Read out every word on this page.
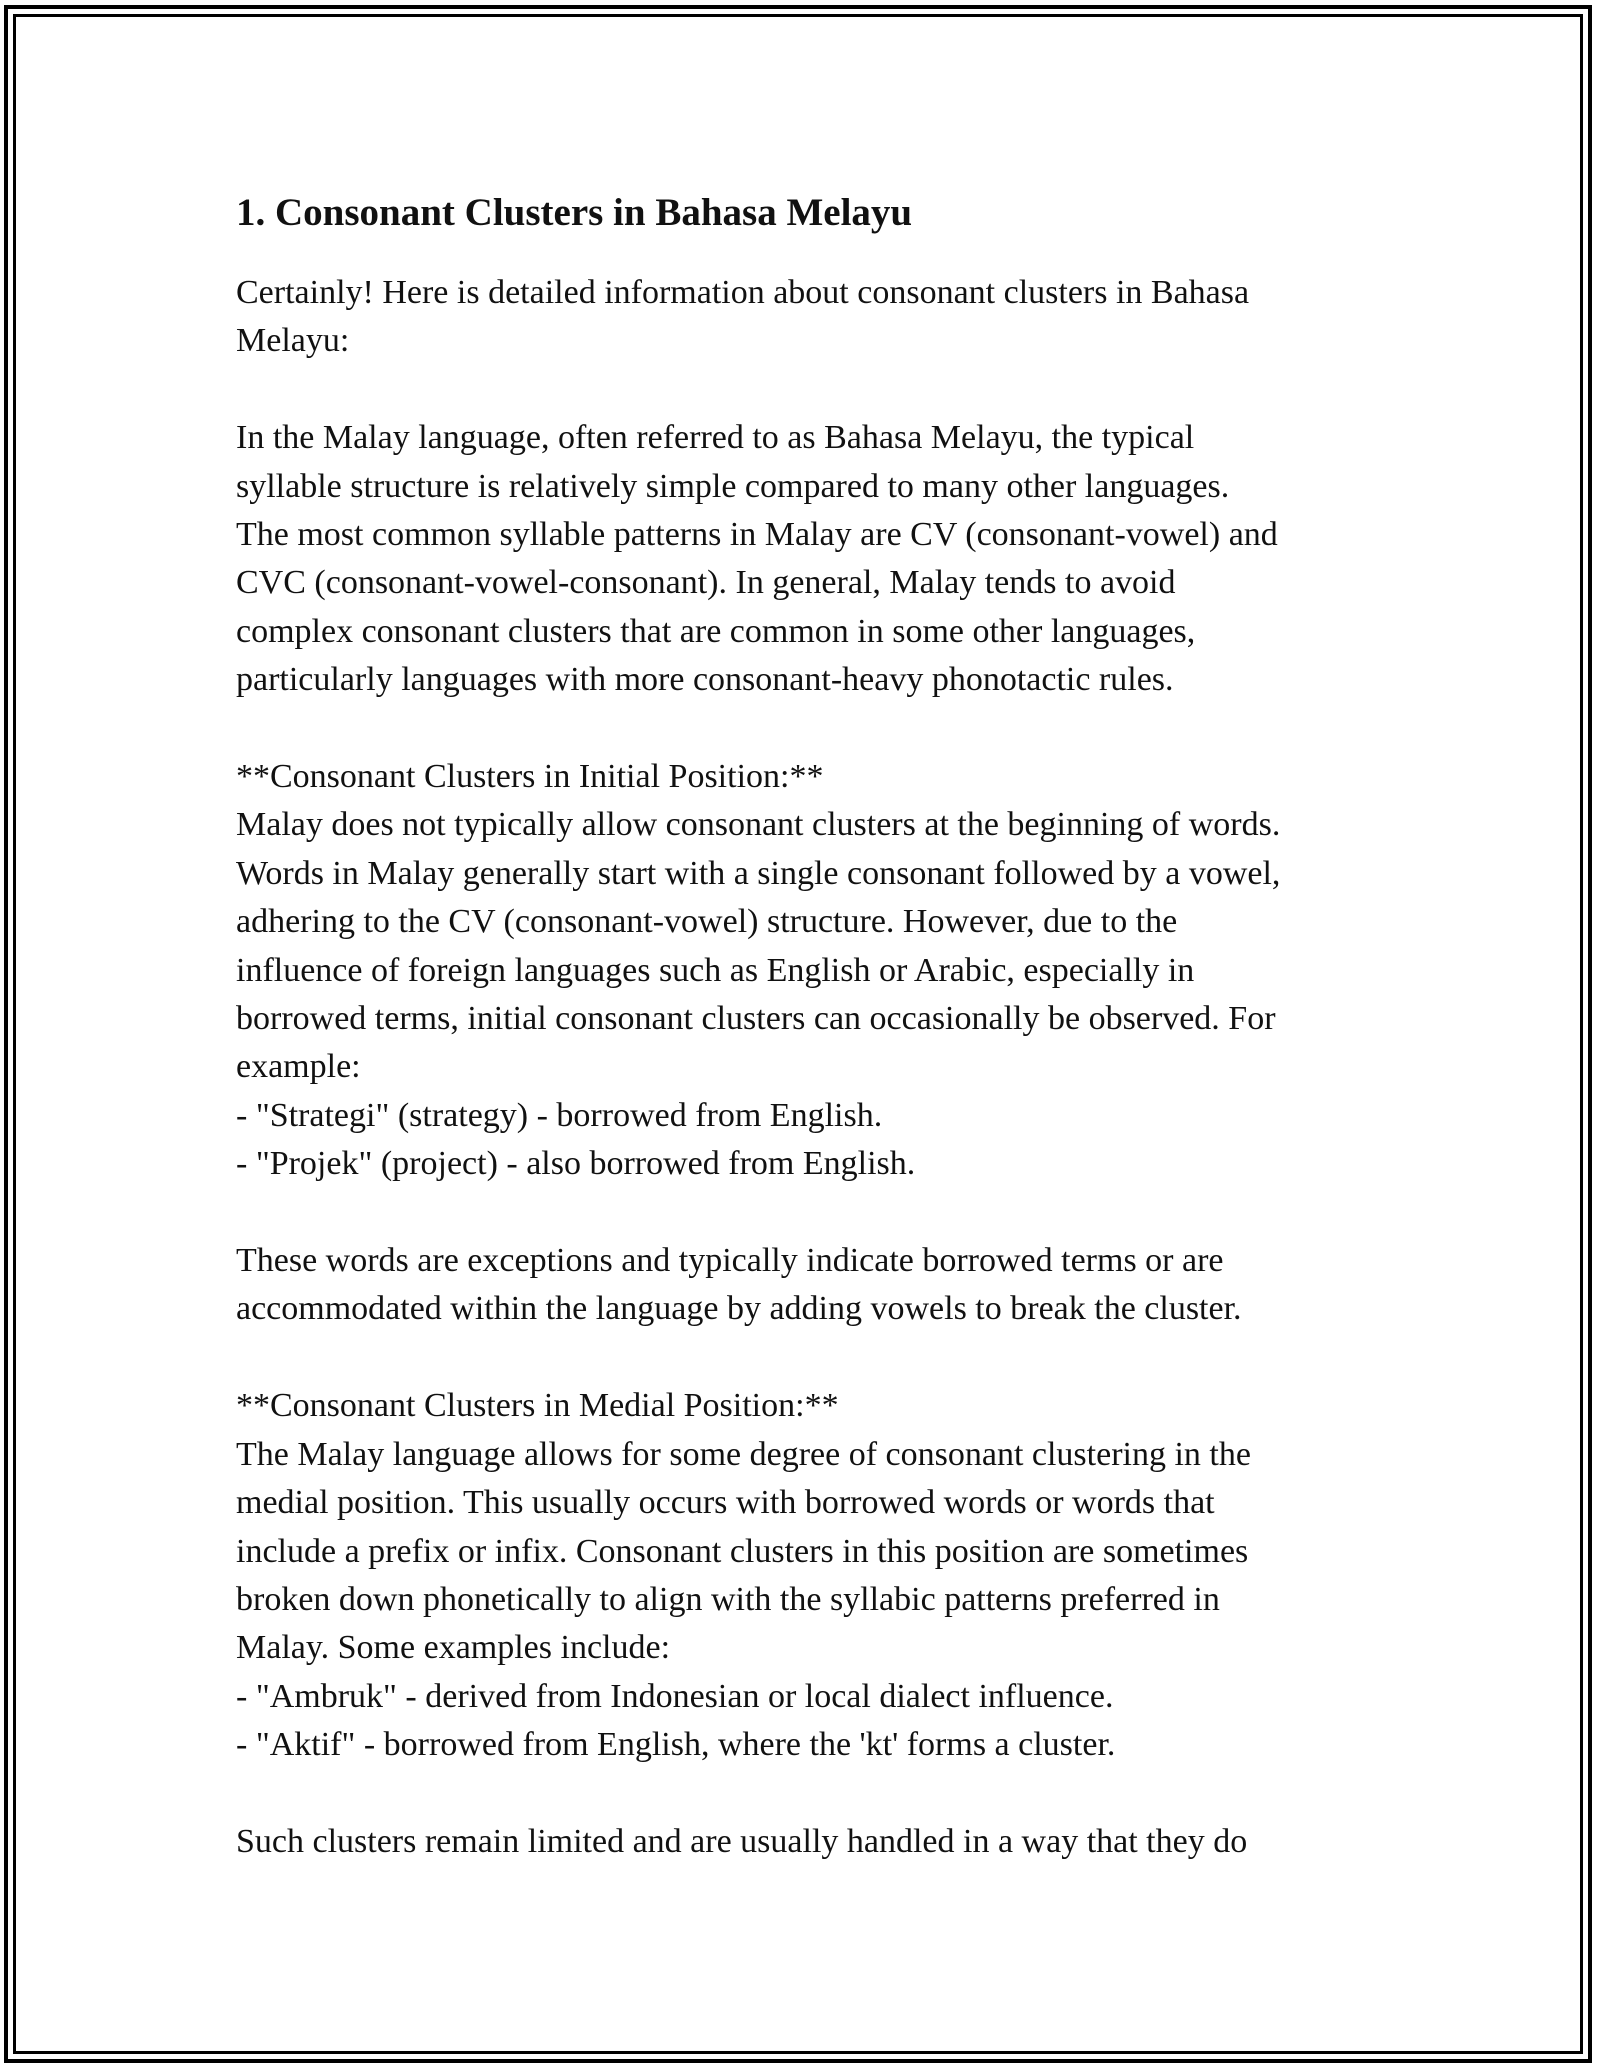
1. Consonant Clusters in Bahasa Melayu

Certainly! Here is detailed information about consonant clusters in Bahasa
Melayu:

In the Malay language, often referred to as Bahasa Melayu, the typical
syllable structure is relatively simple compared to many other languages.
The most common syllable patterns in Malay are CV (consonant-vowel) and
CVC (consonant-vowel-consonant). In general, Malay tends to avoid
complex consonant clusters that are common in some other languages,
particularly languages with more consonant-heavy phonotactic rules.

**Consonant Clusters in Initial Position:**
Malay does not typically allow consonant clusters at the beginning of words.
Words in Malay generally start with a single consonant followed by a vowel,
adhering to the CV (consonant-vowel) structure. However, due to the
influence of foreign languages such as English or Arabic, especially in
borrowed terms, initial consonant clusters can occasionally be observed. For
example:
- "Strategi" (strategy) - borrowed from English.
- "Projek" (project) - also borrowed from English.

These words are exceptions and typically indicate borrowed terms or are
accommodated within the language by adding vowels to break the cluster.

**Consonant Clusters in Medial Position:**
The Malay language allows for some degree of consonant clustering in the
medial position. This usually occurs with borrowed words or words that
include a prefix or infix. Consonant clusters in this position are sometimes
broken down phonetically to align with the syllabic patterns preferred in
Malay. Some examples include:
- "Ambruk" - derived from Indonesian or local dialect influence.
- "Aktif" - borrowed from English, where the 'kt' forms a cluster.

Such clusters remain limited and are usually handled in a way that they do
